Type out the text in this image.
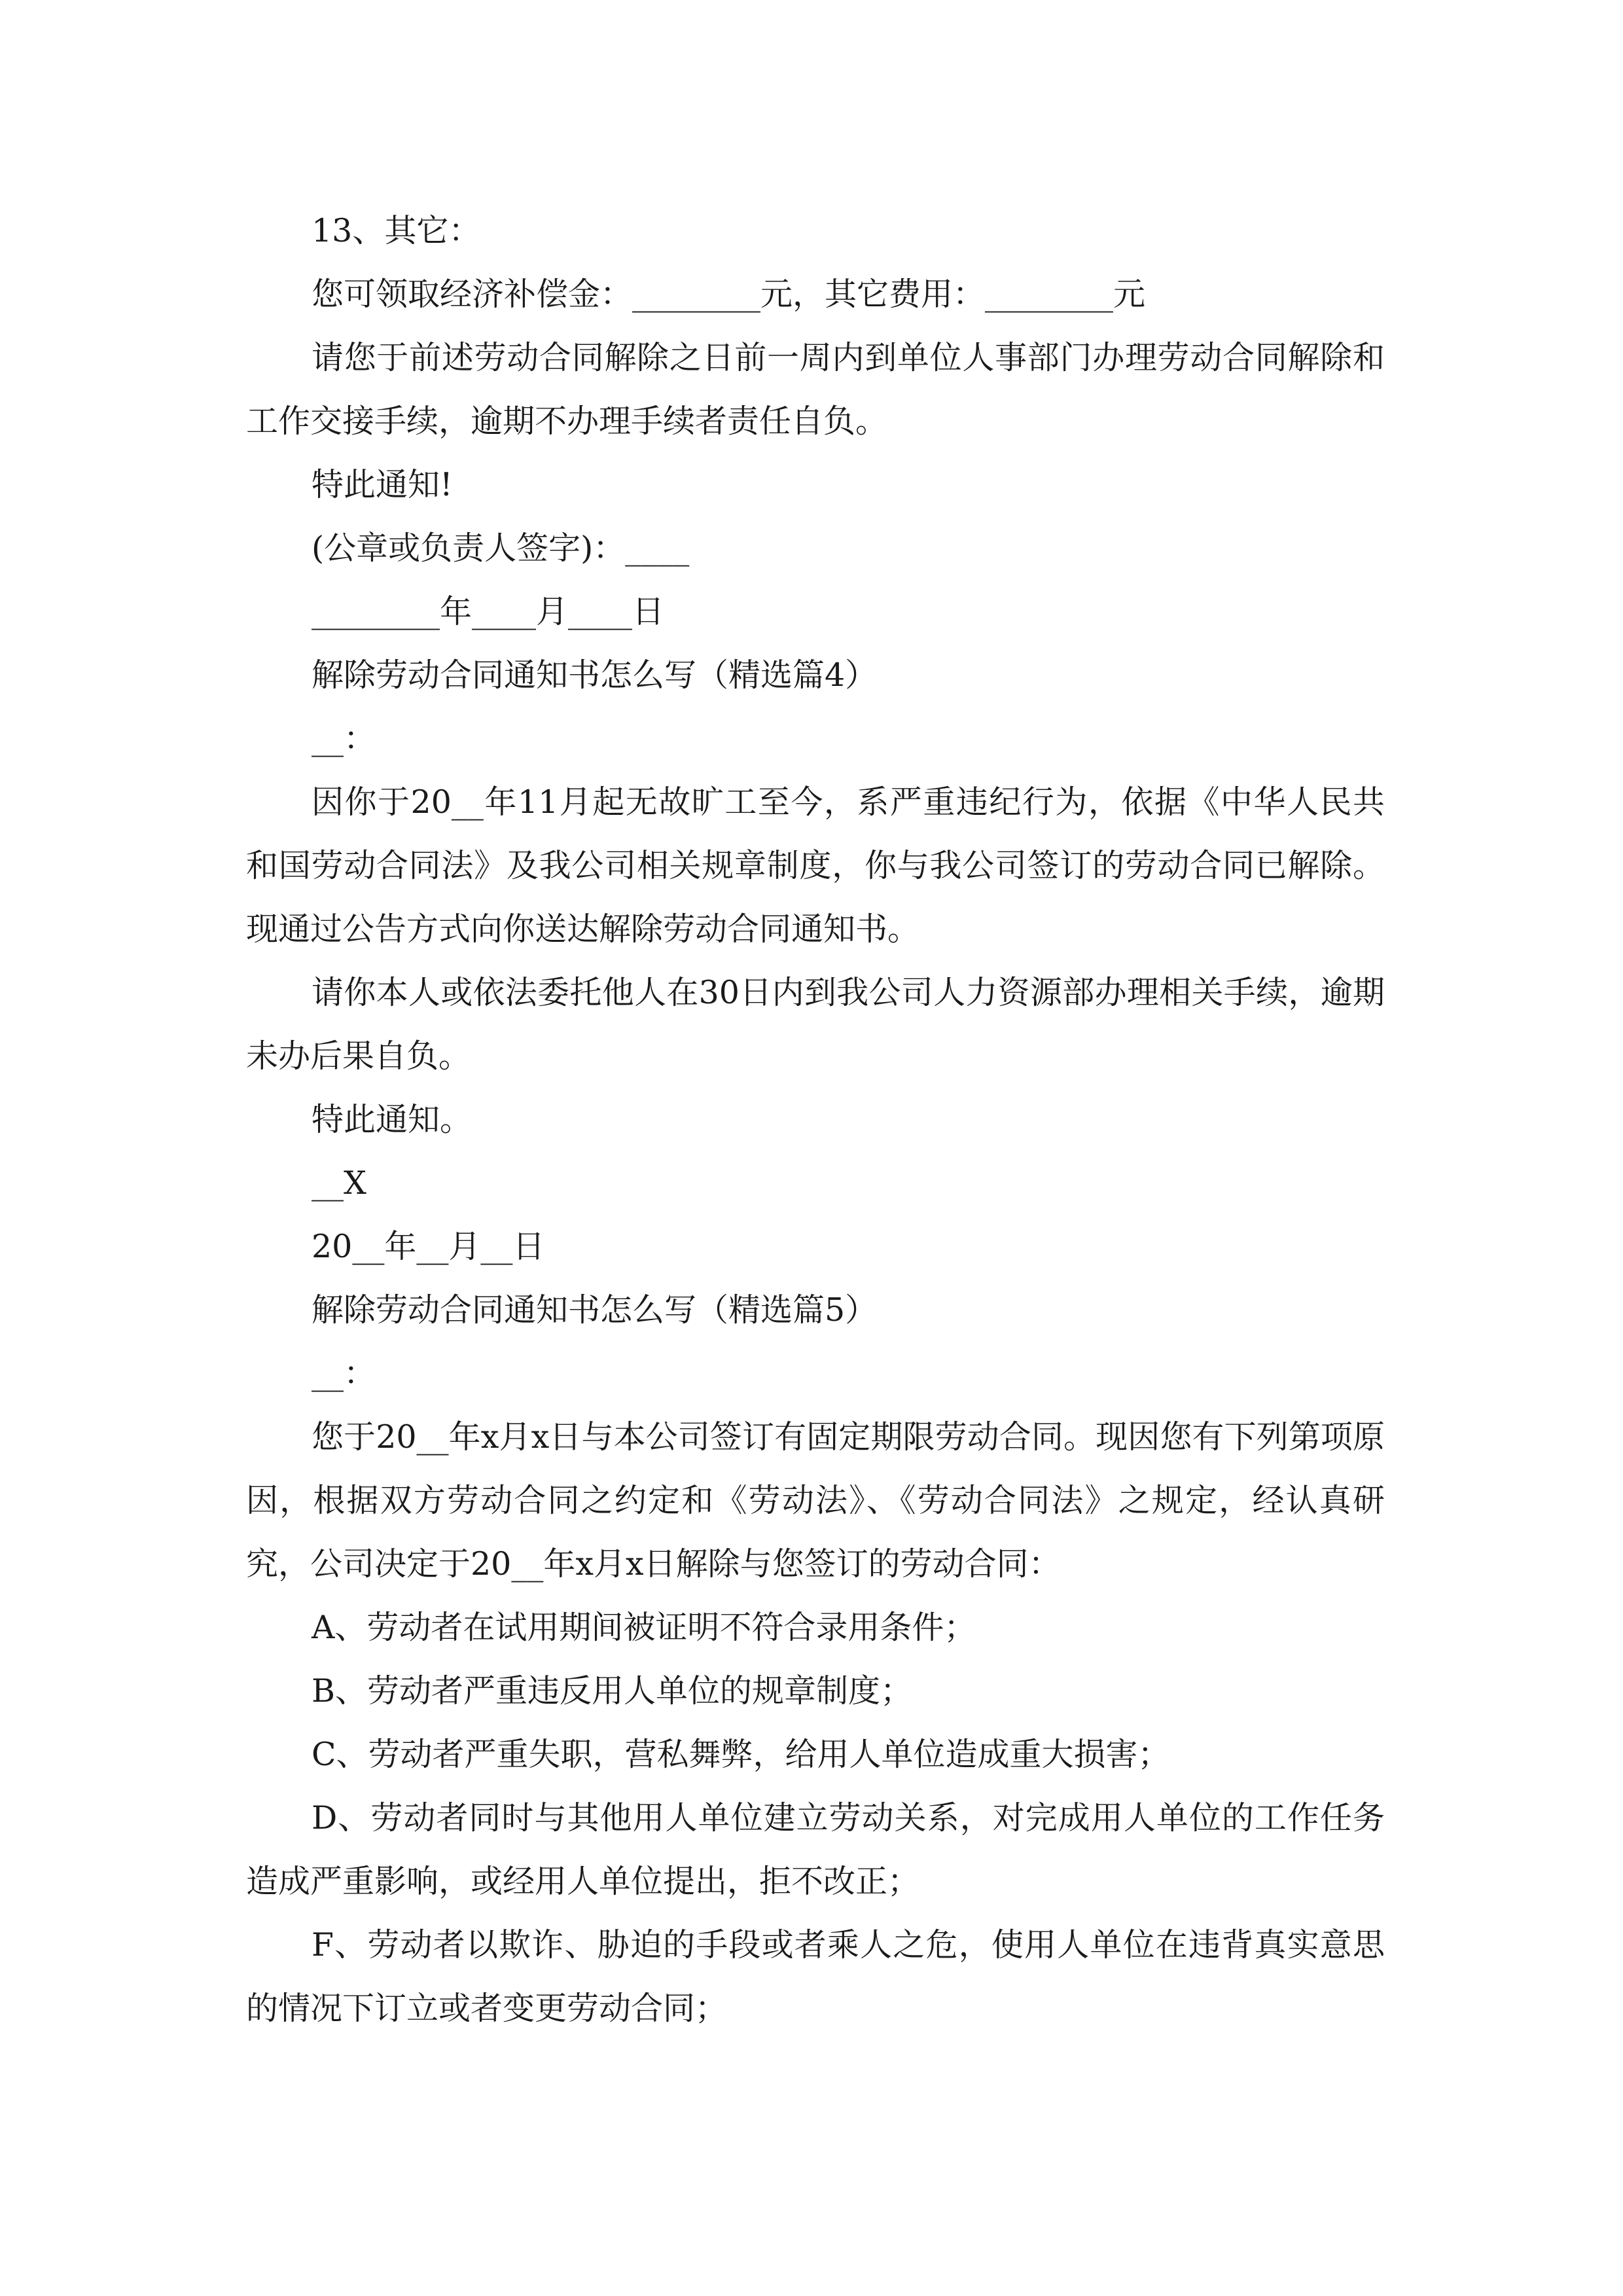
13、其它：

您可领取经济补偿金：________元，其它费用：________元

请您于前述劳动合同解除之日前一周内到单位人事部门办理劳动合同解除和工作交接手续，逾期不办理手续者责任自负。

特此通知!

(公章或负责人签字)：____

________年____月____日

解除劳动合同通知书怎么写（精选篇4）

__：

因你于20__年11月起无故旷工至今，系严重违纪行为，依据《中华人民共和国劳动合同法》及我公司相关规章制度，你与我公司签订的劳动合同已解除。现通过公告方式向你送达解除劳动合同通知书。

请你本人或依法委托他人在30日内到我公司人力资源部办理相关手续，逾期未办后果自负。

特此通知。

__X

20__年__月__日

解除劳动合同通知书怎么写（精选篇5）

__：

您于20__年x月x日与本公司签订有固定期限劳动合同。现因您有下列第项原因，根据双方劳动合同之约定和《劳动法》、《劳动合同法》之规定，经认真研究，公司决定于20__年x月x日解除与您签订的劳动合同：

A、劳动者在试用期间被证明不符合录用条件；

B、劳动者严重违反用人单位的规章制度；

C、劳动者严重失职，营私舞弊，给用人单位造成重大损害；

D、劳动者同时与其他用人单位建立劳动关系，对完成用人单位的工作任务造成严重影响，或经用人单位提出，拒不改正；

F、劳动者以欺诈、胁迫的手段或者乘人之危，使用人单位在违背真实意思的情况下订立或者变更劳动合同；
